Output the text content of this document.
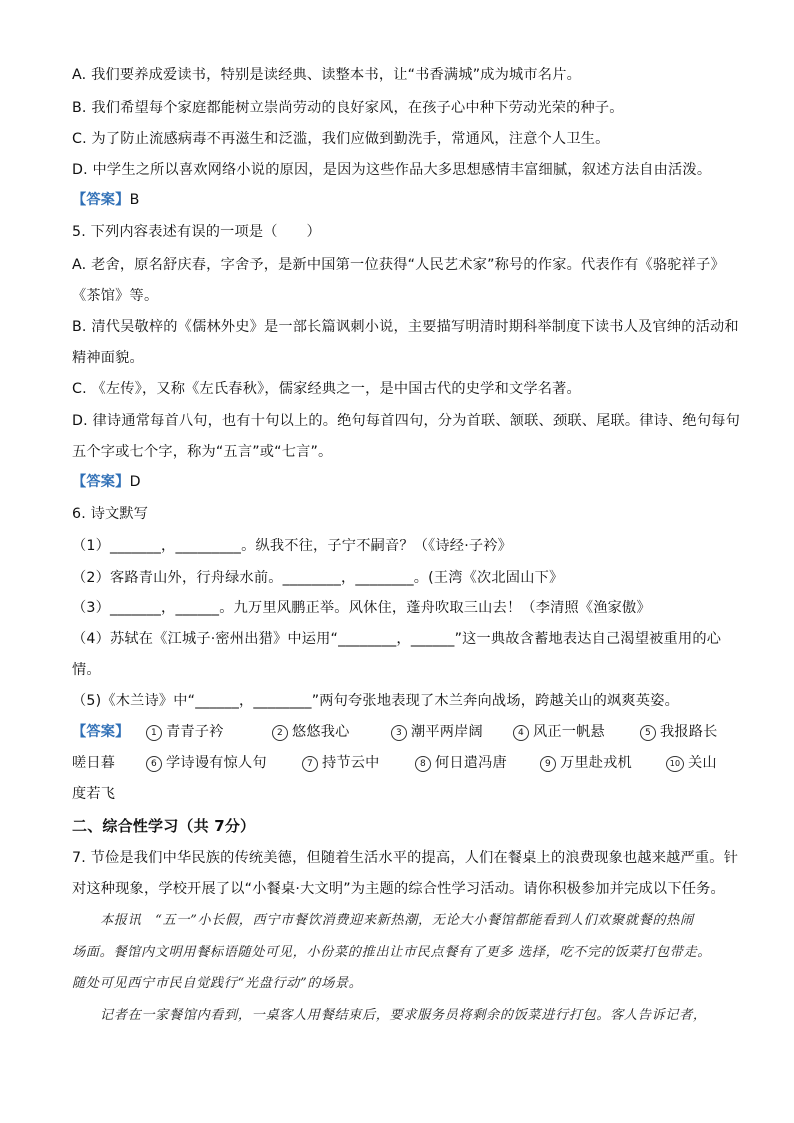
A. 我们要养成爱读书，特别是读经典、读整本书，让“书香满城”成为城市名片。
B. 我们希望每个家庭都能树立崇尚劳动的良好家风，在孩子心中种下劳动光荣的种子。
C. 为了防止流感病毒不再滋生和泛滥，我们应做到勤洗手，常通风，注意个人卫生。
D. 中学生之所以喜欢网络小说的原因，是因为这些作品大多思想感情丰富细腻，叙述方法自由活泼。
【答案】B
5. 下列内容表述有误的一项是（　　）
A. 老舍，原名舒庆春，字舍予，是新中国第一位获得“人民艺术家”称号的作家。代表作有《骆驼祥子》
《茶馆》等。
B. 清代吴敬梓的《儒林外史》是一部长篇讽刺小说，主要描写明清时期科举制度下读书人及官绅的活动和
精神面貌。
C. 《左传》，又称《左氏春秋》，儒家经典之一，是中国古代的史学和文学名著。
D. 律诗通常每首八句，也有十句以上的。绝句每首四句，分为首联、颔联、颈联、尾联。律诗、绝句每句
五个字或七个字，称为“五言”或“七言”。
【答案】D
6. 诗文默写
（1）_______，_________。纵我不往，子宁不嗣音？（《诗经·子衿》
（2）客路青山外，行舟绿水前。________，________。(王湾《次北固山下》
（3）_______，______。九万里风鹏正举。风休住，蓬舟吹取三山去！（李清照《渔家傲》
（4）苏轼在《江城子·密州出猎》中运用“________，______”这一典故含蓄地表达自己渴望被重用的心
情。
（5)《木兰诗》中“______，________”两句夸张地表现了木兰奔向战场，跨越关山的飒爽英姿。
【答案】	1 青青子衿	2 悠悠我心	3 潮平两岸阔	4 风正一帆悬	5 我报路长
嗟日暮	6 学诗谩有惊人句	7 持节云中	8 何日遣冯唐	9 万里赴戎机	10 关山
度若飞
二、综合性学习（共 7分）
7. 节俭是我们中华民族的传统美德，但随着生活水平的提高，人们在餐桌上的浪费现象也越来越严重。针
对这种现象，学校开展了以“小餐桌·大文明”为主题的综合性学习活动。请你积极参加并完成以下任务。
本报讯　“五一”小长假，西宁市餐饮消费迎来新热潮，无论大小餐馆都能看到人们欢聚就餐的热闹
场面。餐馆内文明用餐标语随处可见，小份菜的推出让市民点餐有了更多 选择，吃不完的饭菜打包带走。
随处可见西宁市民自觉践行“光盘行动”的场景。
记者在一家餐馆内看到，一桌客人用餐结束后，要求服务员将剩余的饭菜进行打包。客人告诉记者，
